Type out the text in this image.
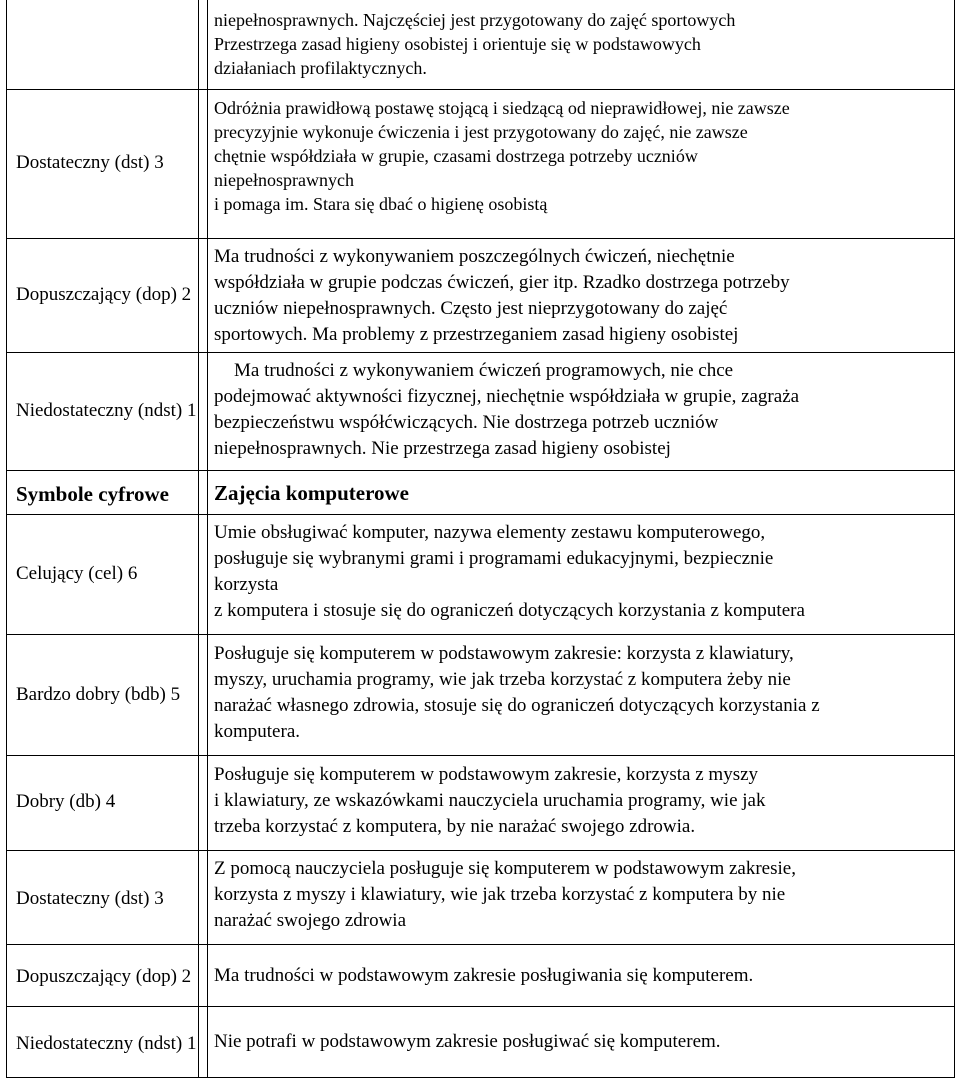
Dostateczny (dst) 3
Dopuszczający (dop) 2
Niedostateczny (ndst) 1
Symbole cyfrowe
Celujący (cel) 6
Bardzo dobry (bdb) 5
Dobry (db) 4
Dostateczny (dst) 3
Dopuszczający (dop) 2
Niedostateczny (ndst) 1

niepełnosprawnych. Najczęściej jest przygotowany do zajęć sportowych

Przestrzega zasad higieny osobistej i orientuje się w podstawowych

działaniach profilaktycznych.

Odróżnia prawidłową postawę stojącą i siedzącą od nieprawidłowej, nie zawsze

precyzyjnie wykonuje ćwiczenia i jest przygotowany do zajęć, nie zawsze

chętnie współdziała w grupie, czasami dostrzega potrzeby uczniów

niepełnosprawnych

i pomaga im. Stara się dbać o higienę osobistą

Ma trudności z wykonywaniem poszczególnych ćwiczeń, niechętnie

współdziała w grupie podczas ćwiczeń, gier itp. Rzadko dostrzega potrzeby

uczniów niepełnosprawnych. Często jest nieprzygotowany do zajęć

sportowych. Ma problemy z przestrzeganiem zasad higieny osobistej

Ma trudności z wykonywaniem ćwiczeń programowych, nie chce

podejmować aktywności fizycznej, niechętnie współdziała w grupie, zagraża

bezpieczeństwu współćwiczących. Nie dostrzega potrzeb uczniów

niepełnosprawnych. Nie przestrzega zasad higieny osobistej

Zajęcia komputerowe

Umie obsługiwać komputer, nazywa elementy zestawu komputerowego,

posługuje się wybranymi grami i programami edukacyjnymi, bezpiecznie

korzysta

z komputera i stosuje się do ograniczeń dotyczących korzystania z komputera

Posługuje się komputerem w podstawowym zakresie: korzysta z klawiatury,

myszy, uruchamia programy, wie jak trzeba korzystać z komputera żeby nie

narażać własnego zdrowia, stosuje się do ograniczeń dotyczących korzystania z

komputera.

Posługuje się komputerem w podstawowym zakresie, korzysta z myszy

i klawiatury, ze wskazówkami nauczyciela uruchamia programy, wie jak

trzeba korzystać z komputera, by nie narażać swojego zdrowia.

Z pomocą nauczyciela posługuje się komputerem w podstawowym zakresie,

korzysta z myszy i klawiatury, wie jak trzeba korzystać z komputera by nie

narażać swojego zdrowia

Ma trudności w podstawowym zakresie posługiwania się komputerem.

Nie potrafi w podstawowym zakresie posługiwać się komputerem.
